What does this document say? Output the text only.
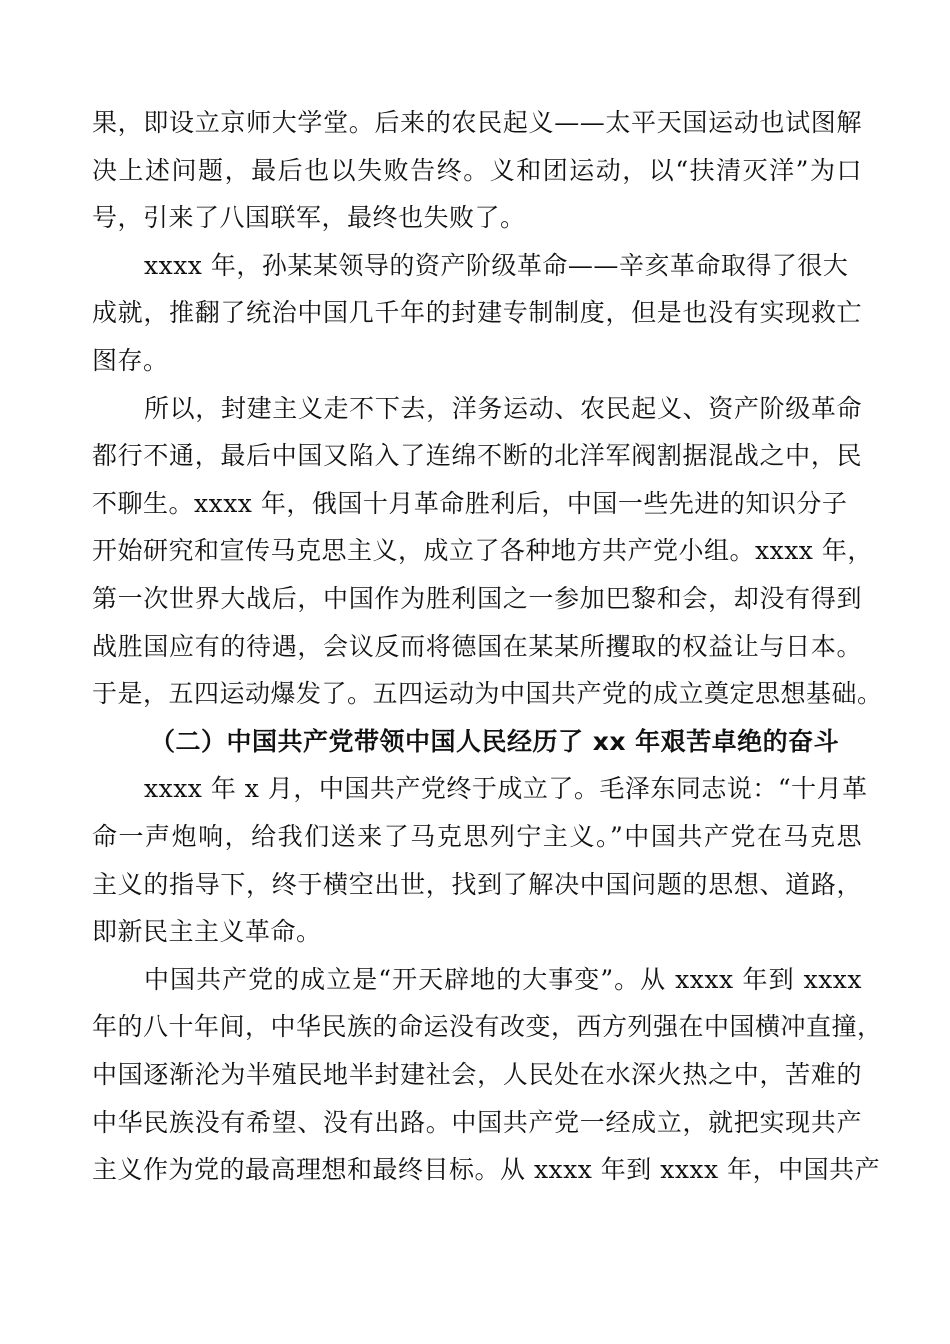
果，即设立京师大学堂。后来的农民起义——太平天国运动也试图解
决上述问题，最后也以失败告终。义和团运动，以“扶清灭洋”为口
号，引来了八国联军，最终也失败了。
xxxx 年，孙某某领导的资产阶级革命——辛亥革命取得了很大
成就，推翻了统治中国几千年的封建专制制度，但是也没有实现救亡
图存。
所以，封建主义走不下去，洋务运动、农民起义、资产阶级革命
都行不通，最后中国又陷入了连绵不断的北洋军阀割据混战之中，民
不聊生。xxxx 年，俄国十月革命胜利后，中国一些先进的知识分子
开始研究和宣传马克思主义，成立了各种地方共产党小组。xxxx 年，
第一次世界大战后，中国作为胜利国之一参加巴黎和会，却没有得到
战胜国应有的待遇，会议反而将德国在某某所攫取的权益让与日本。
于是，五四运动爆发了。五四运动为中国共产党的成立奠定思想基础。
（二）中国共产党带领中国人民经历了 xx 年艰苦卓绝的奋斗
xxxx 年 x 月，中国共产党终于成立了。毛泽东同志说：“十月革
命一声炮响，给我们送来了马克思列宁主义。”中国共产党在马克思
主义的指导下，终于横空出世，找到了解决中国问题的思想、道路，
即新民主主义革命。
中国共产党的成立是“开天辟地的大事变”。从 xxxx 年到 xxxx
年的八十年间，中华民族的命运没有改变，西方列强在中国横冲直撞，
中国逐渐沦为半殖民地半封建社会，人民处在水深火热之中，苦难的
中华民族没有希望、没有出路。中国共产党一经成立，就把实现共产
主义作为党的最高理想和最终目标。从 xxxx 年到 xxxx 年，中国共产
